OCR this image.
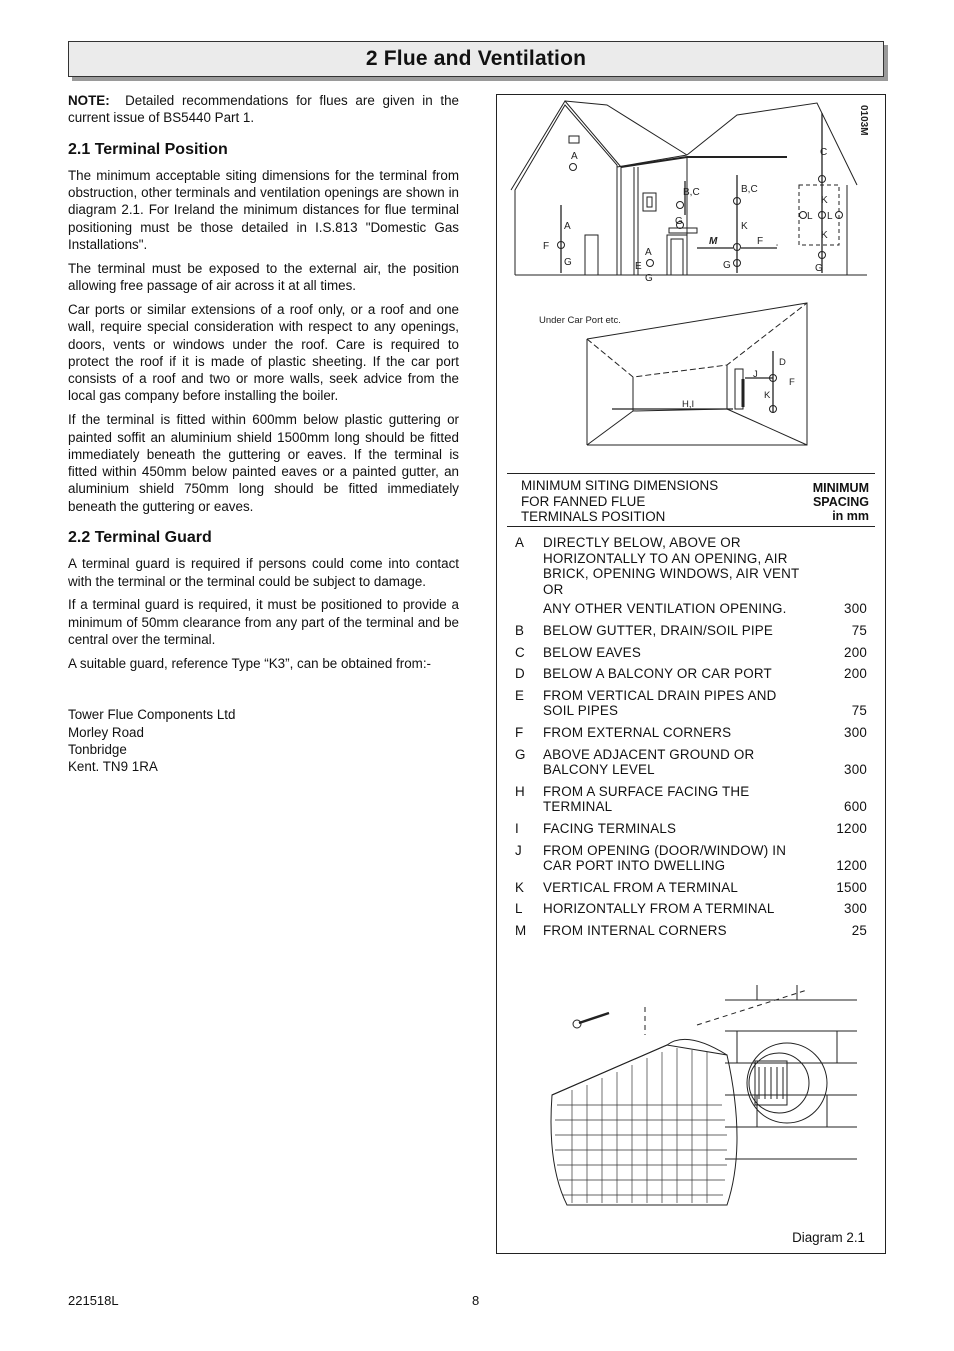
2 Flue and Ventilation

NOTE: Detailed recommendations for flues are given in the current issue of BS5440 Part 1.

2.1 Terminal Position

The minimum acceptable siting dimensions for the terminal from obstruction, other terminals and ventilation openings are shown in diagram 2.1. For Ireland the minimum distances for flue terminal positioning must be those detailed in I.S.813 "Domestic Gas Installations".

The terminal must be exposed to the external air, the position allowing free passage of air across it at all times.

Car ports or similar extensions of a roof only, or a roof and one wall, require special consideration with respect to any openings, doors, vents or windows under the roof. Care is required to protect the roof if it is made of plastic sheeting. If the car port consists of a roof and two or more walls, seek advice from the local gas company before installing the boiler.

If the terminal is fitted within 600mm below plastic guttering or painted soffit an aluminium shield 1500mm long should be fitted immediately beneath the guttering or eaves. If the terminal is fitted within 450mm below painted eaves or a painted gutter, an aluminium shield 750mm long should be fitted immediately beneath the guttering or eaves.

2.2 Terminal Guard

A terminal guard is required if persons could come into contact with the terminal or the terminal could be subject to damage.

If a terminal guard is required, it must be positioned to provide a minimum of 50mm clearance from any part of the terminal and be central over the terminal.

A suitable guard, reference Type “K3”, can be obtained from:-

Tower Flue Components Ltd
Morley Road
Tonbridge
Kent. TN9 1RA
A
A
G
F
B,C
G
A
E
G
M
B,C
K
G
F
C
K
L L
K
G
0103M
Under Car Port etc.
D
J
F
K
H,I
MINIMUM SITING DIMENSIONS
FOR FANNED FLUE
TERMINALS POSITION
MINIMUM
SPACING
in mm
A DIRECTLY BELOW, ABOVE OR
HORIZONTALLY TO AN OPENING, AIR
BRICK, OPENING WINDOWS, AIR VENT OR
ANY OTHER VENTILATION OPENING.	300
B BELOW GUTTER, DRAIN/SOIL PIPE	75
C BELOW EAVES	200
D BELOW A BALCONY OR CAR PORT	200
E FROM VERTICAL DRAIN PIPES AND
SOIL PIPES	75
F FROM EXTERNAL CORNERS	300
G ABOVE ADJACENT GROUND OR
BALCONY LEVEL	300
H FROM A SURFACE FACING THE
TERMINAL	600
I FACING TERMINALS	1200
J FROM OPENING (DOOR/WINDOW) IN
CAR PORT INTO DWELLING	1200
K VERTICAL FROM A TERMINAL	1500
L HORIZONTALLY FROM A TERMINAL	300
M FROM INTERNAL CORNERS	25
Diagram 2.1
221518L	8
